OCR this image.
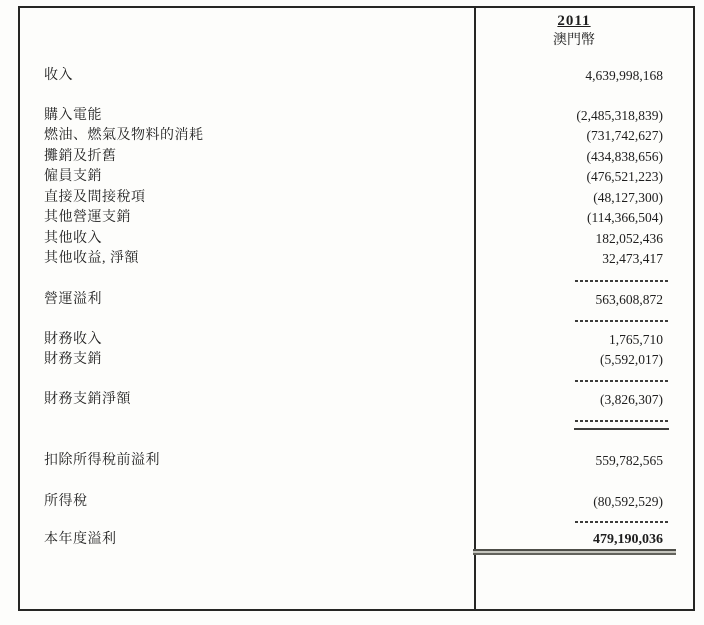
2011
澳門幣
收入	4,639,998,168
購入電能	(2,485,318,839)
燃油、燃氣及物料的消耗	(731,742,627)
攤銷及折舊	(434,838,656)
僱員支銷	(476,521,223)
直接及間接稅項	(48,127,300)
其他營運支銷	(114,366,504)
其他收入	182,052,436
其他收益, 淨額	32,473,417
營運溢利	563,608,872
財務收入	1,765,710
財務支銷	(5,592,017)
財務支銷淨額	(3,826,307)
扣除所得稅前溢利	559,782,565
所得稅	(80,592,529)
本年度溢利	479,190,036
